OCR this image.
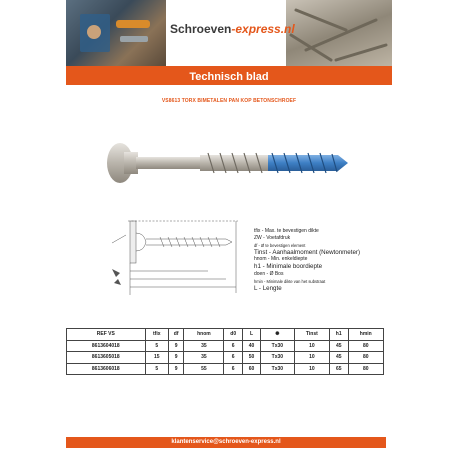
Schroeven-express.nl
Technisch blad
VS8613 TORX BIMETALEN PAN KOP BETONSCHROEF
tfix - Max. te bevestigen dikte
ZW - Voetafdruk
df - Ø te bevestigen element
Tinst - Aanhaalmoment (Newtonmeter)
hnom - Min. enkeldiepte
h1 - Minimale boordiepte
doen - Ø Bos
hmin - Minimale dikte van het substraat
L - Lengte
REF VS	tfix	df	hnom	d0	L	✺	Tinst	h1	hmin
8613604018	5	9	35	6	40	Tx30	10	45	80
8613605018	15	9	35	6	50	Tx30	10	45	80
8613606018	5	9	55	6	60	Tx30	10	65	80
klantenservice@schroeven-express.nl
